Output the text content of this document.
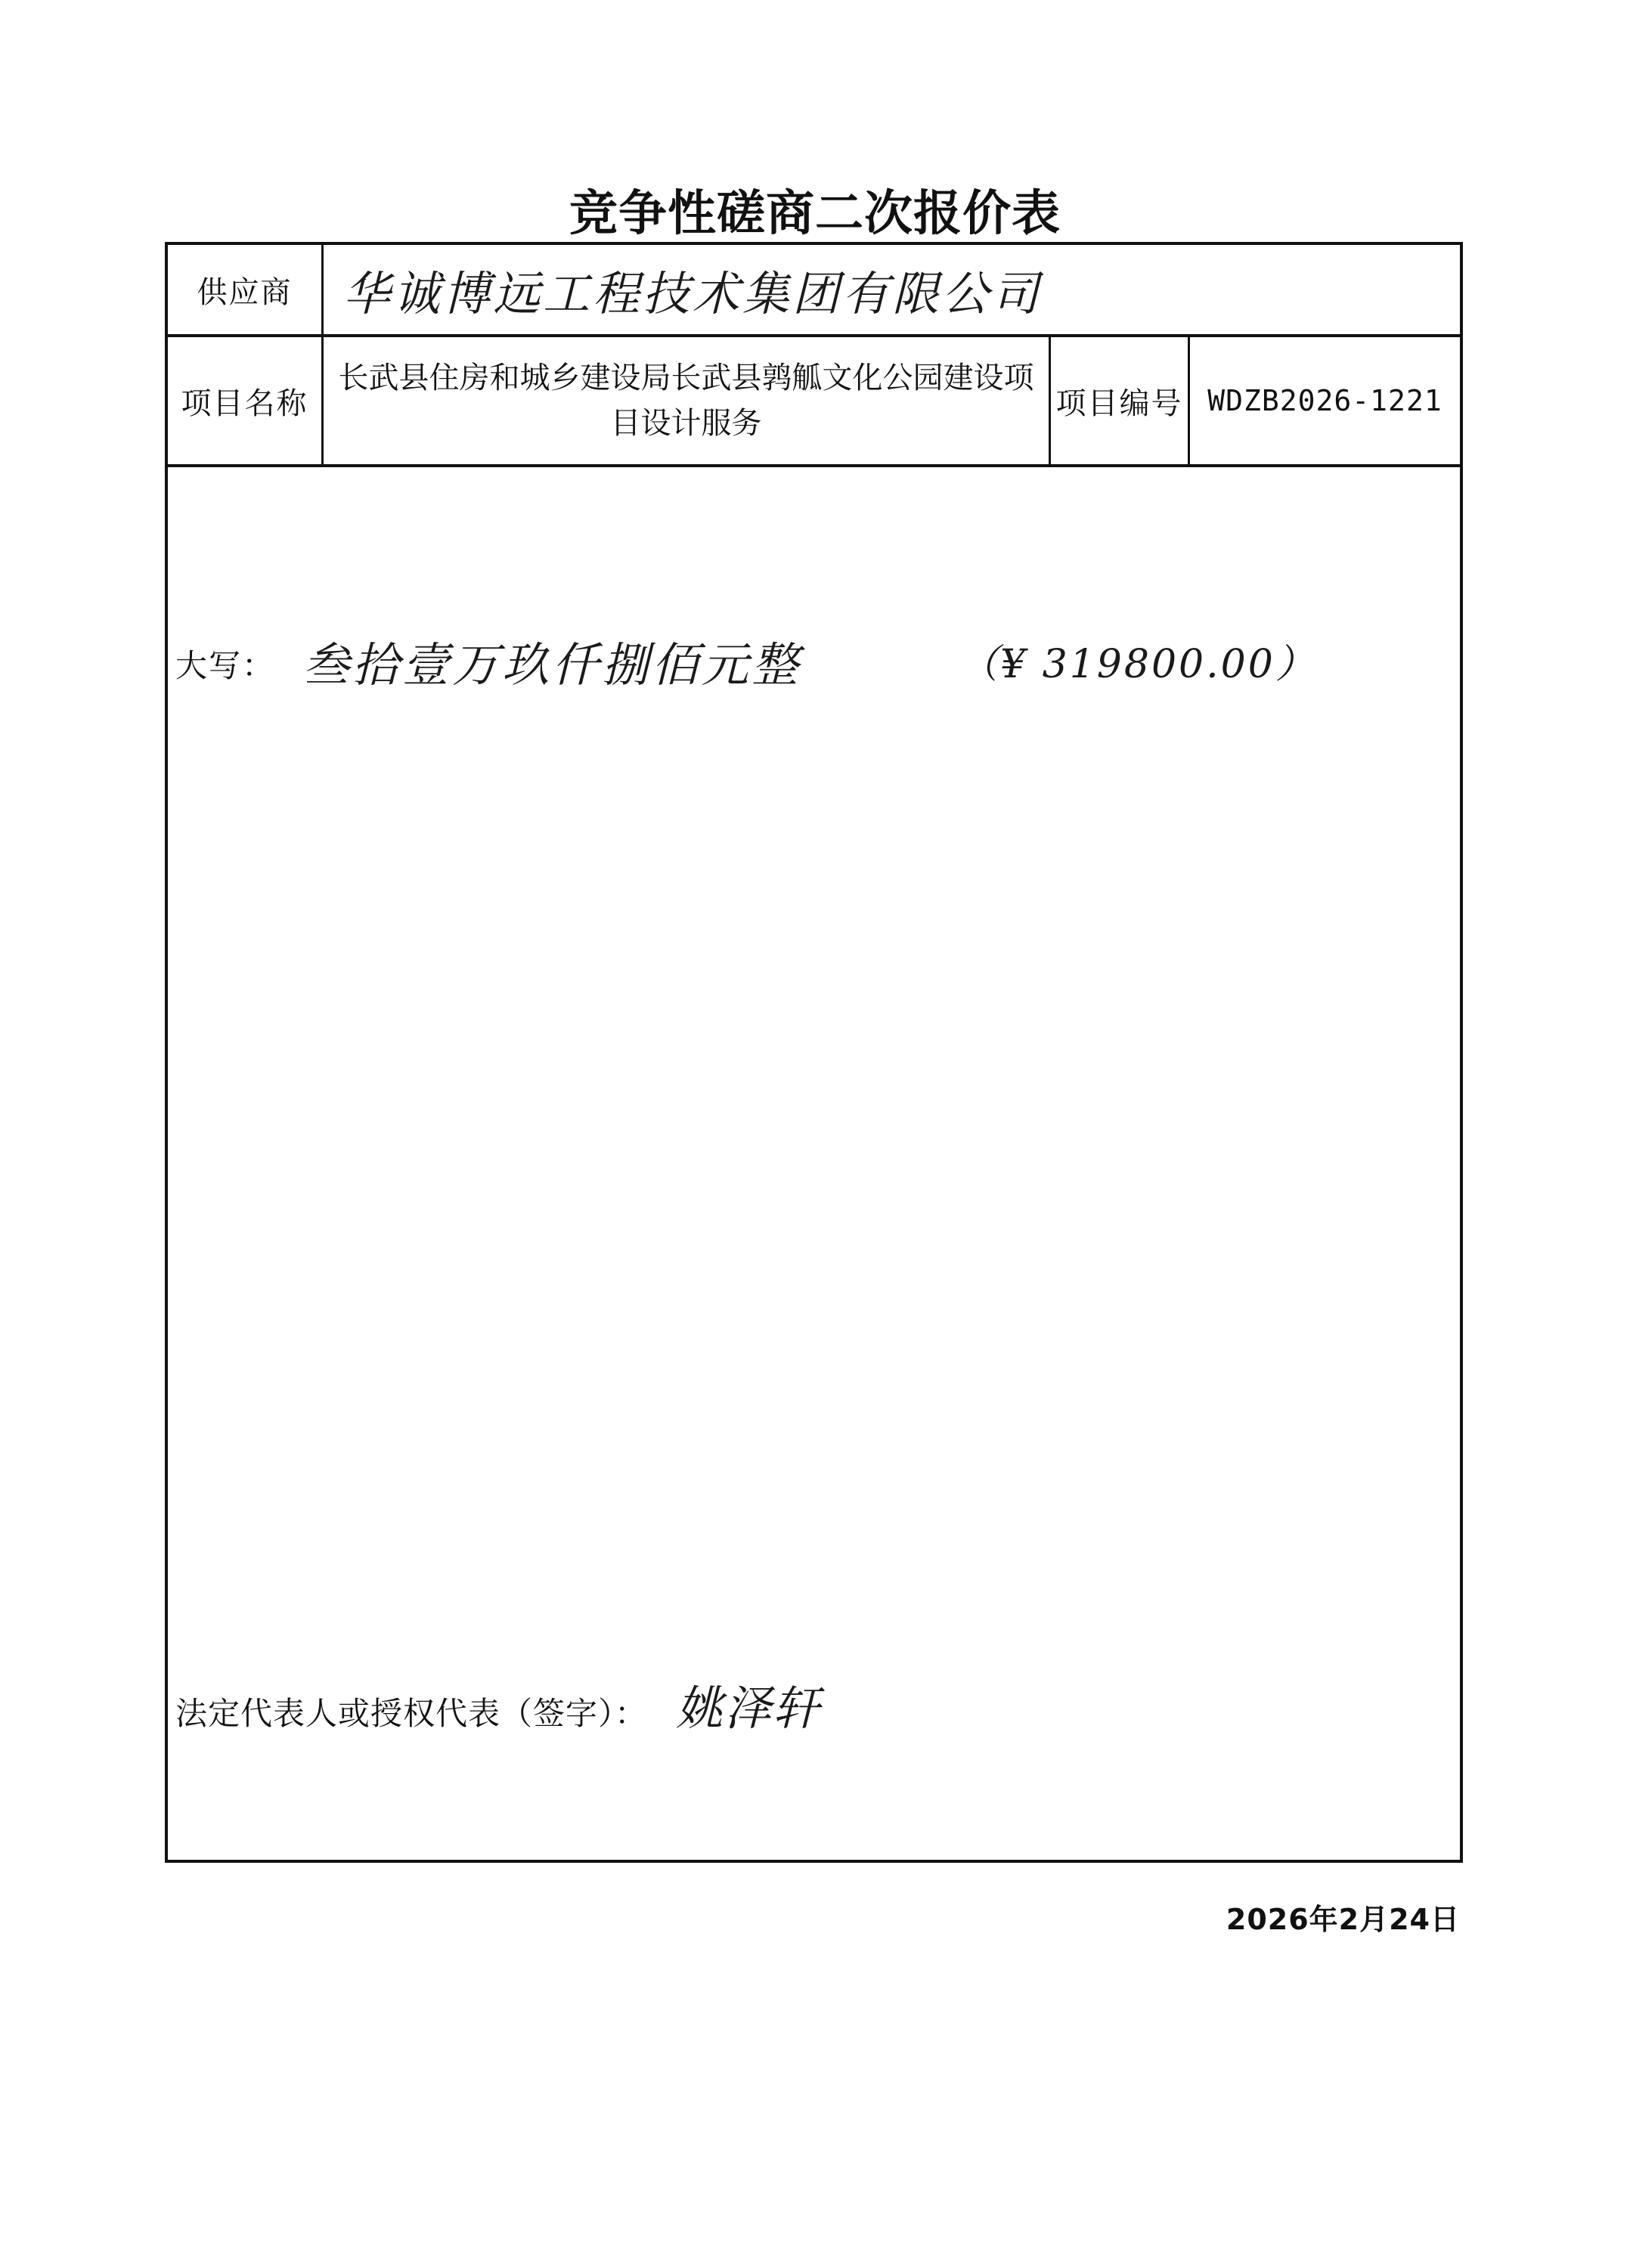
竞争性磋商二次报价表
供应商	华诚博远工程技术集团有限公司
项目名称
长武县住房和城乡建设局长武县鹑觚文化公园建设项目设计服务
项目编号 WDZB2026-1221
大写： 叁拾壹万玖仟捌佰元整	（¥ 319800.00）
法定代表人或授权代表（签字）： 姚泽轩
2026年2月24日
